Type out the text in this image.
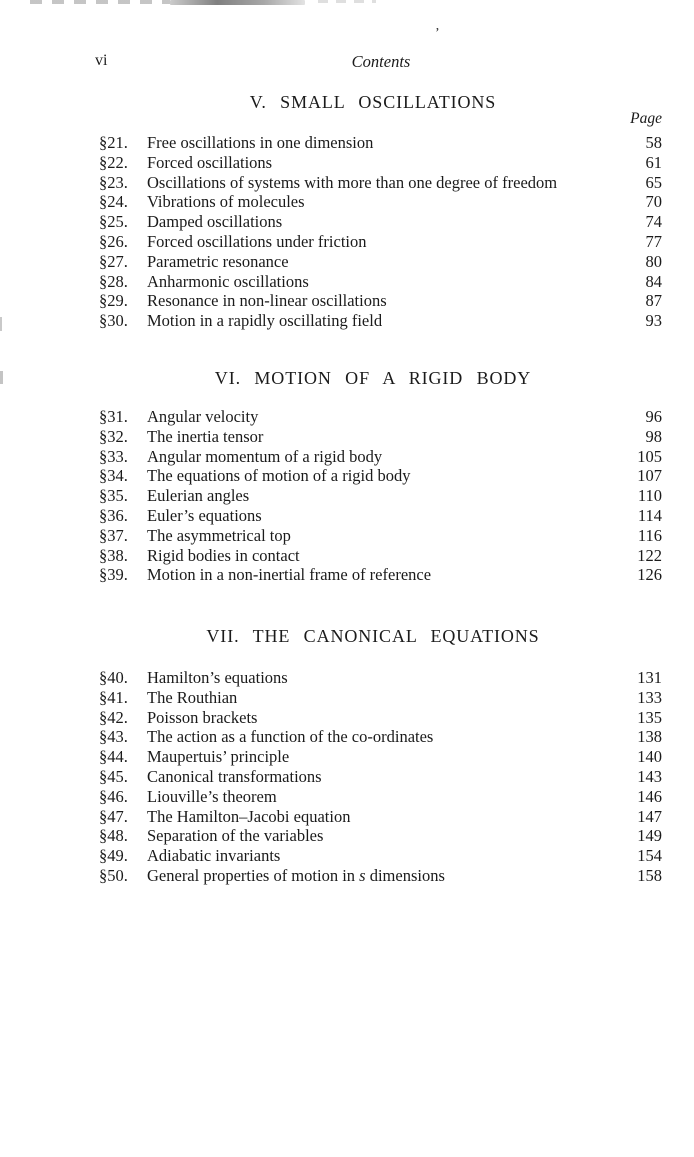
’
vi	Contents
Page
V. SMALL OSCILLATIONS
§21.	Free oscillations in one dimension	58
§22.	Forced oscillations	61
§23.	Oscillations of systems with more than one degree of freedom	65
§24.	Vibrations of molecules	70
§25.	Damped oscillations	74
§26.	Forced oscillations under friction	77
§27.	Parametric resonance	80
§28.	Anharmonic oscillations	84
§29.	Resonance in non-linear oscillations	87
§30.	Motion in a rapidly oscillating field	93
VI. MOTION OF A RIGID BODY
§31.	Angular velocity	96
§32.	The inertia tensor	98
§33.	Angular momentum of a rigid body	105
§34.	The equations of motion of a rigid body	107
§35.	Eulerian angles	110
§36.	Euler’s equations	114
§37.	The asymmetrical top	116
§38.	Rigid bodies in contact	122
§39.	Motion in a non-inertial frame of reference	126
VII. THE CANONICAL EQUATIONS
§40.	Hamilton’s equations	131
§41.	The Routhian	133
§42.	Poisson brackets	135
§43.	The action as a function of the co-ordinates	138
§44.	Maupertuis’ principle	140
§45.	Canonical transformations	143
§46.	Liouville’s theorem	146
§47.	The Hamilton–Jacobi equation	147
§48.	Separation of the variables	149
§49.	Adiabatic invariants	154
§50.	General properties of motion in s dimensions	158
